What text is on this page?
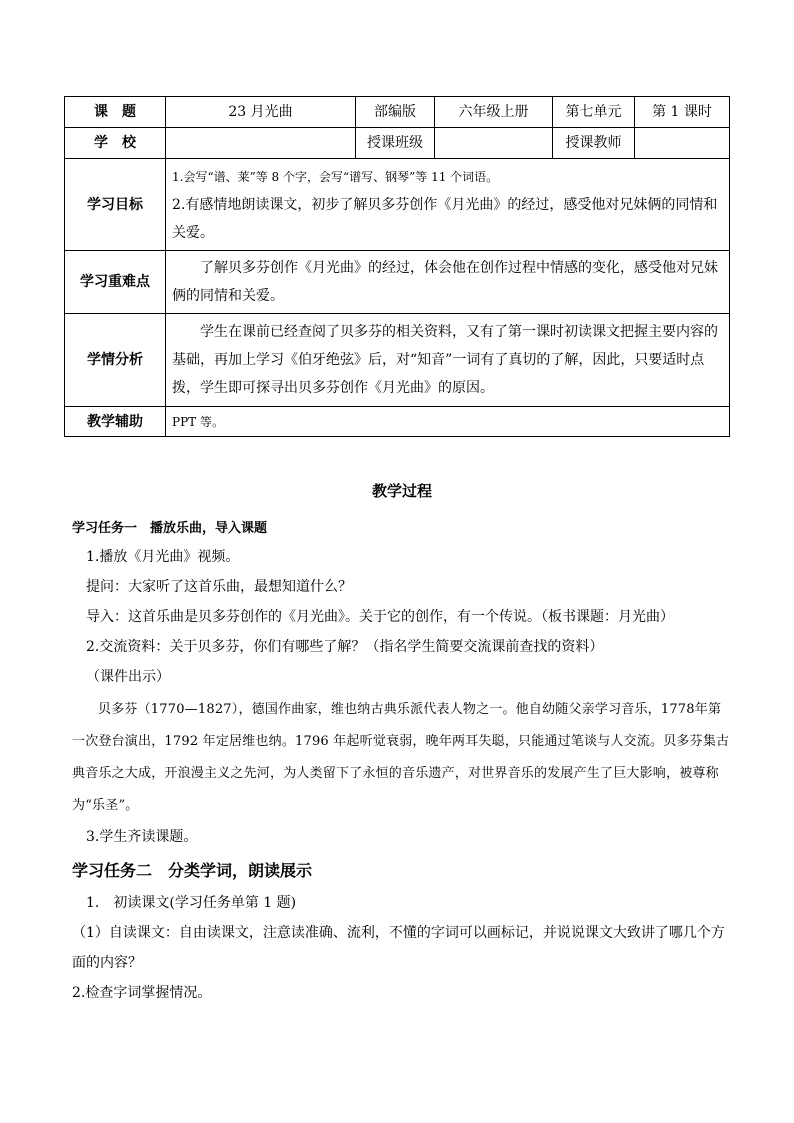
课　题	23 月光曲	部编版	六年级上册	第七单元	第 1 课时
学　校		授课班级		授课教师	
学习目标	1.会写“谱、莱”等 8 个字，会写“谱写、钢琴”等 11 个词语。
2.有感情地朗读课文，初步了解贝多芬创作《月光曲》的经过，感受他对兄妹俩的同情和关爱。				

学习重难点	了解贝多芬创作《月光曲》的经过，体会他在创作过程中情感的变化，感受他对兄妹俩的同情和关爱。				
学情分析	学生在课前已经查阅了贝多芬的相关资料，又有了第一课时初读课文把握主要内容的基础，再加上学习《伯牙绝弦》后，对“知音”一词有了真切的了解，因此，只要适时点拨，学生即可探寻出贝多芬创作《月光曲》的原因。				
教学辅助	PPT 等。				
教学过程
学习任务一　播放乐曲，导入课题
1.播放《月光曲》视频。
提问：大家听了这首乐曲，最想知道什么？
导入：这首乐曲是贝多芬创作的《月光曲》。关于它的创作，有一个传说。（板书课题：月光曲）
2.交流资料：关于贝多芬，你们有哪些了解？（指名学生简要交流课前查找的资料）
（课件出示）
贝多芬（1770—1827），德国作曲家，维也纳古典乐派代表人物之一。他自幼随父亲学习音乐，1778年第一次登台演出，1792 年定居维也纳。1796 年起听觉衰弱，晚年两耳失聪，只能通过笔谈与人交流。贝多芬集古典音乐之大成，开浪漫主义之先河，为人类留下了永恒的音乐遗产，对世界音乐的发展产生了巨大影响，被尊称为“乐圣”。
3.学生齐读课题。
学习任务二　分类学词，朗读展示
1.　初读课文(学习任务单第 1 题)
（1）自读课文：自由读课文，注意读准确、流利，不懂的字词可以画标记，并说说课文大致讲了哪几个方面的内容？
2.检查字词掌握情况。
